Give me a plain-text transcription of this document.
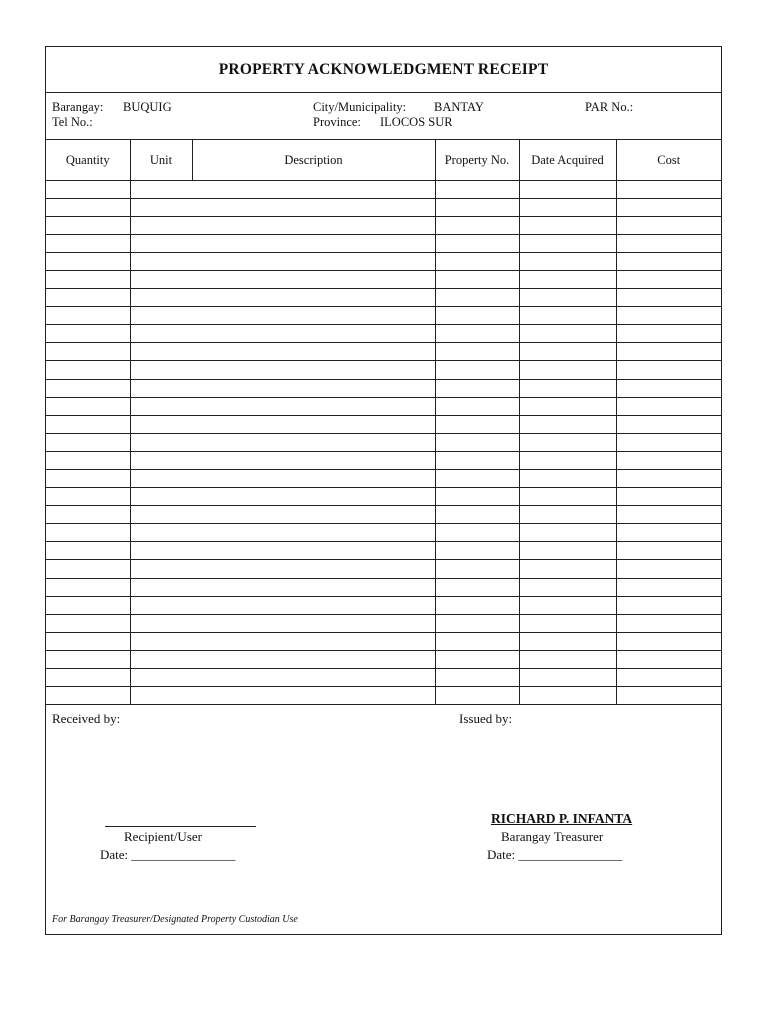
PROPERTY ACKNOWLEDGMENT RECEIPT
Barangay: BUQUIG
Tel No.:
City/Municipality: BANTAY
Province: ILOCOS SUR
PAR No.:
Quantity	Unit	Description	Property No.	Date Acquired	Cost

Received by:	Issued by:
Recipient/User
Date: ________________
RICHARD P. INFANTA
Barangay Treasurer
Date: ________________
For Barangay Treasurer/Designated Property Custodian Use
